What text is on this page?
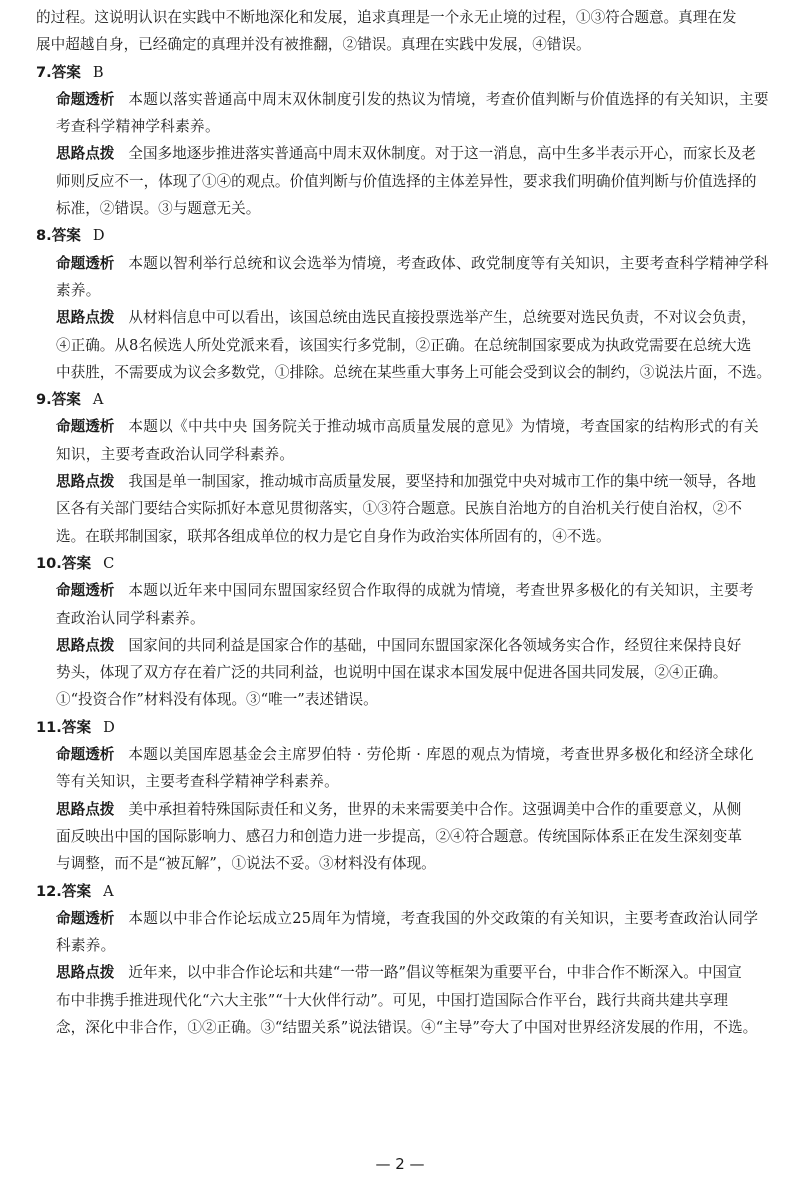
的过程。这说明认识在实践中不断地深化和发展，追求真理是一个永无止境的过程，①③符合题意。真理在发
展中超越自身，已经确定的真理并没有被推翻，②错误。真理在实践中发展，④错误。
7.答案 B
命题透析 本题以落实普通高中周末双休制度引发的热议为情境，考查价值判断与价值选择的有关知识，主要
考查科学精神学科素养。
思路点拨 全国多地逐步推进落实普通高中周末双休制度。对于这一消息，高中生多半表示开心，而家长及老
师则反应不一，体现了①④的观点。价值判断与价值选择的主体差异性，要求我们明确价值判断与价值选择的
标准，②错误。③与题意无关。
8.答案 D
命题透析 本题以智利举行总统和议会选举为情境，考查政体、政党制度等有关知识，主要考查科学精神学科
素养。
思路点拨 从材料信息中可以看出，该国总统由选民直接投票选举产生，总统要对选民负责，不对议会负责，
④正确。从8名候选人所处党派来看，该国实行多党制，②正确。在总统制国家要成为执政党需要在总统大选
中获胜，不需要成为议会多数党，①排除。总统在某些重大事务上可能会受到议会的制约，③说法片面，不选。
9.答案 A
命题透析 本题以《中共中央 国务院关于推动城市高质量发展的意见》为情境，考查国家的结构形式的有关
知识，主要考查政治认同学科素养。
思路点拨 我国是单一制国家，推动城市高质量发展，要坚持和加强党中央对城市工作的集中统一领导，各地
区各有关部门要结合实际抓好本意见贯彻落实，①③符合题意。民族自治地方的自治机关行使自治权，②不
选。在联邦制国家，联邦各组成单位的权力是它自身作为政治实体所固有的，④不选。
10.答案 C
命题透析 本题以近年来中国同东盟国家经贸合作取得的成就为情境，考查世界多极化的有关知识，主要考
查政治认同学科素养。
思路点拨 国家间的共同利益是国家合作的基础，中国同东盟国家深化各领域务实合作，经贸往来保持良好
势头，体现了双方存在着广泛的共同利益，也说明中国在谋求本国发展中促进各国共同发展，②④正确。
①“投资合作”材料没有体现。③“唯一”表述错误。
11.答案 D
命题透析 本题以美国库恩基金会主席罗伯特 · 劳伦斯 · 库恩的观点为情境，考查世界多极化和经济全球化
等有关知识，主要考查科学精神学科素养。
思路点拨 美中承担着特殊国际责任和义务，世界的未来需要美中合作。这强调美中合作的重要意义，从侧
面反映出中国的国际影响力、感召力和创造力进一步提高，②④符合题意。传统国际体系正在发生深刻变革
与调整，而不是“被瓦解”，①说法不妥。③材料没有体现。
12.答案 A
命题透析 本题以中非合作论坛成立25周年为情境，考查我国的外交政策的有关知识，主要考查政治认同学
科素养。
思路点拨 近年来，以中非合作论坛和共建“一带一路”倡议等框架为重要平台，中非合作不断深入。中国宣
布中非携手推进现代化“六大主张”“十大伙伴行动”。可见，中国打造国际合作平台，践行共商共建共享理
念，深化中非合作，①②正确。③“结盟关系”说法错误。④“主导”夸大了中国对世界经济发展的作用，不选。
— 2 —
